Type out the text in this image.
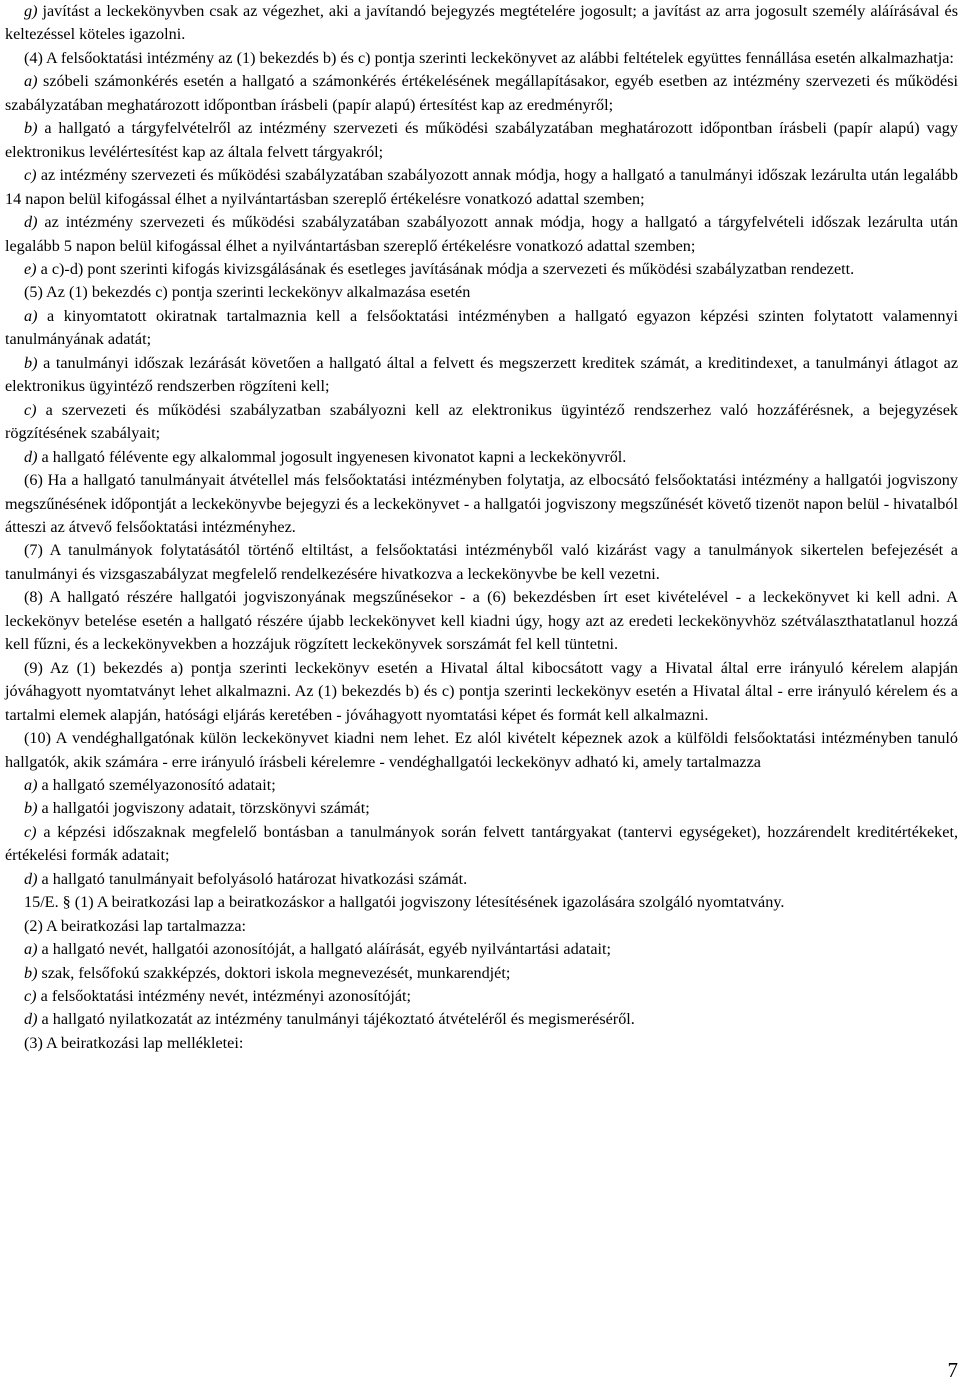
g) javítást a leckekönyvben csak az végezhet, aki a javítandó bejegyzés megtételére jogosult; a javítást az arra jogosult személy aláírásával és keltezéssel köteles igazolni.

(4) A felsőoktatási intézmény az (1) bekezdés b) és c) pontja szerinti leckekönyvet az alábbi feltételek együttes fennállása esetén alkalmazhatja:

a) szóbeli számonkérés esetén a hallgató a számonkérés értékelésének megállapításakor, egyéb esetben az intézmény szervezeti és működési szabályzatában meghatározott időpontban írásbeli (papír alapú) értesítést kap az eredményről;

b) a hallgató a tárgyfelvételről az intézmény szervezeti és működési szabályzatában meghatározott időpontban írásbeli (papír alapú) vagy elektronikus levélértesítést kap az általa felvett tárgyakról;

c) az intézmény szervezeti és működési szabályzatában szabályozott annak módja, hogy a hallgató a tanulmányi időszak lezárulta után legalább 14 napon belül kifogással élhet a nyilvántartásban szereplő értékelésre vonatkozó adattal szemben;

d) az intézmény szervezeti és működési szabályzatában szabályozott annak módja, hogy a hallgató a tárgyfelvételi időszak lezárulta után legalább 5 napon belül kifogással élhet a nyilvántartásban szereplő értékelésre vonatkozó adattal szemben;

e) a c)-d) pont szerinti kifogás kivizsgálásának és esetleges javításának módja a szervezeti és működési szabályzatban rendezett.

(5) Az (1) bekezdés c) pontja szerinti leckekönyv alkalmazása esetén

a) a kinyomtatott okiratnak tartalmaznia kell a felsőoktatási intézményben a hallgató egyazon képzési szinten folytatott valamennyi tanulmányának adatát;

b) a tanulmányi időszak lezárását követően a hallgató által a felvett és megszerzett kreditek számát, a kreditindexet, a tanulmányi átlagot az elektronikus ügyintéző rendszerben rögzíteni kell;

c) a szervezeti és működési szabályzatban szabályozni kell az elektronikus ügyintéző rendszerhez való hozzáférésnek, a bejegyzések rögzítésének szabályait;

d) a hallgató félévente egy alkalommal jogosult ingyenesen kivonatot kapni a leckekönyvről.

(6) Ha a hallgató tanulmányait átvétellel más felsőoktatási intézményben folytatja, az elbocsátó felsőoktatási intézmény a hallgatói jogviszony megszűnésének időpontját a leckekönyvbe bejegyzi és a leckekönyvet - a hallgatói jogviszony megszűnését követő tizenöt napon belül - hivatalból átteszi az átvevő felsőoktatási intézményhez.

(7) A tanulmányok folytatásától történő eltiltást, a felsőoktatási intézményből való kizárást vagy a tanulmányok sikertelen befejezését a tanulmányi és vizsgaszabályzat megfelelő rendelkezésére hivatkozva a leckekönyvbe be kell vezetni.

(8) A hallgató részére hallgatói jogviszonyának megszűnésekor - a (6) bekezdésben írt eset kivételével - a leckekönyvet ki kell adni. A leckekönyv betelése esetén a hallgató részére újabb leckekönyvet kell kiadni úgy, hogy azt az eredeti leckekönyvhöz szétválaszthatatlanul hozzá kell fűzni, és a leckekönyvekben a hozzájuk rögzített leckekönyvek sorszámát fel kell tüntetni.

(9) Az (1) bekezdés a) pontja szerinti leckekönyv esetén a Hivatal által kibocsátott vagy a Hivatal által erre irányuló kérelem alapján jóváhagyott nyomtatványt lehet alkalmazni. Az (1) bekezdés b) és c) pontja szerinti leckekönyv esetén a Hivatal által - erre irányuló kérelem és a tartalmi elemek alapján, hatósági eljárás keretében - jóváhagyott nyomtatási képet és formát kell alkalmazni.

(10) A vendéghallgatónak külön leckekönyvet kiadni nem lehet. Ez alól kivételt képeznek azok a külföldi felsőoktatási intézményben tanuló hallgatók, akik számára - erre irányuló írásbeli kérelemre - vendéghallgatói leckekönyv adható ki, amely tartalmazza

a) a hallgató személyazonosító adatait;

b) a hallgatói jogviszony adatait, törzskönyvi számát;

c) a képzési időszaknak megfelelő bontásban a tanulmányok során felvett tantárgyakat (tantervi egységeket), hozzárendelt kreditértékeket, értékelési formák adatait;

d) a hallgató tanulmányait befolyásoló határozat hivatkozási számát.

15/E. § (1) A beiratkozási lap a beiratkozáskor a hallgatói jogviszony létesítésének igazolására szolgáló nyomtatvány.

(2) A beiratkozási lap tartalmazza:

a) a hallgató nevét, hallgatói azonosítóját, a hallgató aláírását, egyéb nyilvántartási adatait;

b) szak, felsőfokú szakképzés, doktori iskola megnevezését, munkarendjét;

c) a felsőoktatási intézmény nevét, intézményi azonosítóját;

d) a hallgató nyilatkozatát az intézmény tanulmányi tájékoztató átvételéről és megismeréséről.

(3) A beiratkozási lap mellékletei:

7
